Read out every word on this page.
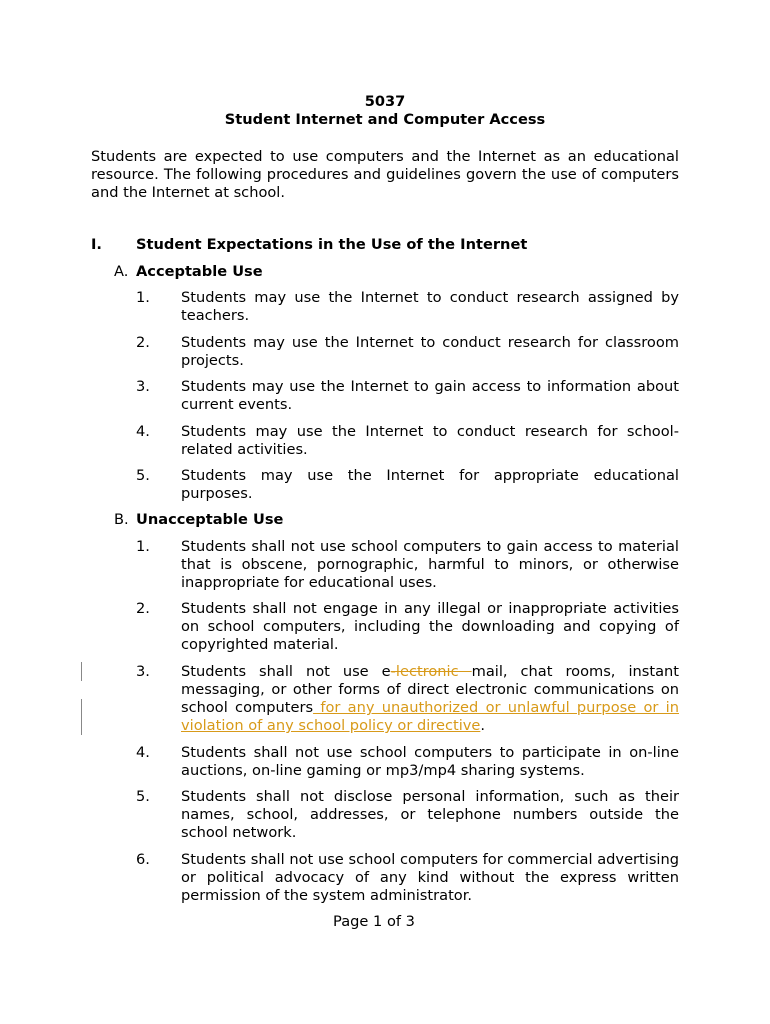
5037
Student Internet and Computer Access
Students are expected to use computers and the Internet as an educational resource. The following procedures and guidelines govern the use of computers and the Internet at school.
I. Student Expectations in the Use of the Internet
A. Acceptable Use
1. Students may use the Internet to conduct research assigned by teachers.
2. Students may use the Internet to conduct research for classroom projects.
3. Students may use the Internet to gain access to information about current events.
4. Students may use the Internet to conduct research for school-related activities.
5. Students may use the Internet for appropriate educational purposes.
B. Unacceptable Use
1. Students shall not use school computers to gain access to material that is obscene, pornographic, harmful to minors, or otherwise inappropriate for educational uses.
2. Students shall not engage in any illegal or inappropriate activities on school computers, including the downloading and copying of copyrighted material.
3. Students shall not use e-lectronic mail, chat rooms, instant messaging, or other forms of direct electronic communications on school computers for any unauthorized or unlawful purpose or in violation of any school policy or directive.
4. Students shall not use school computers to participate in on-line auctions, on-line gaming or mp3/mp4 sharing systems.
5. Students shall not disclose personal information, such as their names, school, addresses, or telephone numbers outside the school network.
6. Students shall not use school computers for commercial advertising or political advocacy of any kind without the express written permission of the system administrator.
Page 1 of 3
